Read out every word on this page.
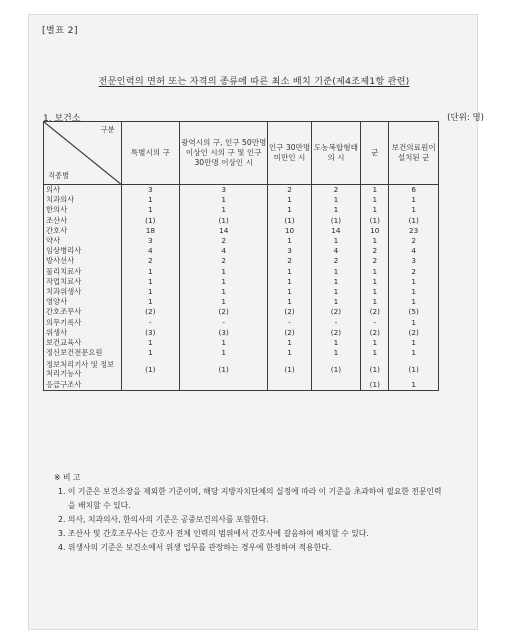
[별표 2]
전문인력의 면허 또는 자격의 종류에 따른 최소 배치 기준(제4조제1항 관련)
1. 보건소	(단위: 명)
구분
직종별	특별시의 구	광역시의 구, 인구 50만명 이상인 시의 구 및 인구 30만명 이상인 시	인구 30만명 미만인 시	도농복합형태의 시	군	보건의료원이 설치된 군
의사	3	3	2	2	1	6
치과의사	1	1	1	1	1	1
한의사	1	1	1	1	1	1
조산사	(1)	(1)	(1)	(1)	(1)	(1)
간호사	18	14	10	14	10	23
약사	3	2	1	1	1	2
임상병리사	4	4	3	4	2	4
방사선사	2	2	2	2	2	3
물리치료사	1	1	1	1	1	2
작업치료사	1	1	1	1	1	1
치과위생사	1	1	1	1	1	1
영양사	1	1	1	1	1	1
간호조무사	(2)	(2)	(2)	(2)	(2)	(5)
의무기록사	-	-	-	-	-	1
위생사	(3)	(3)	(2)	(2)	(2)	(2)
보건교육사	1	1	1	1	1	1
정신보건전문요원	1	1	1	1	1	1
정보처리기사 및 정보처리기능사	(1)	(1)	(1)	(1)	(1)	(1)
응급구조사					(1)	1
※ 비 고
1. 이 기준은 보건소장을 제외한 기준이며, 해당 지방자치단체의 실정에 따라 이 기준을 초과하여 필요한 전문인력을 배치할 수 있다.
2. 의사, 치과의사, 한의사의 기준은 공중보건의사를 포함한다.
3. 조산사 및 간호조무사는 간호사 전체 인력의 범위에서 간호사에 갈음하여 배치할 수 있다.
4. 위생사의 기준은 보건소에서 위생 업무를 관장하는 경우에 한정하여 적용한다.
